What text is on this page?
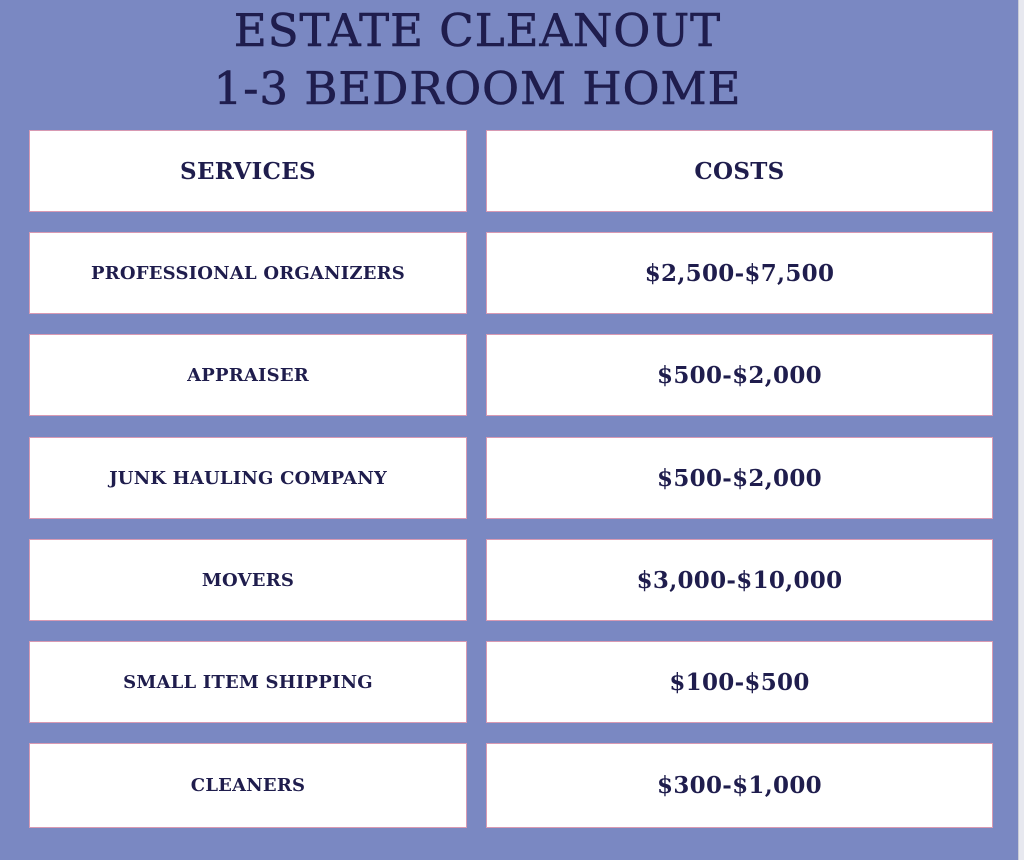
ESTATE CLEANOUT
1-3 BEDROOM HOME
SERVICES	COSTS
PROFESSIONAL ORGANIZERS	$2,500-$7,500
APPRAISER	$500-$2,000
JUNK HAULING COMPANY	$500-$2,000
MOVERS	$3,000-$10,000
SMALL ITEM SHIPPING	$100-$500
CLEANERS	$300-$1,000
